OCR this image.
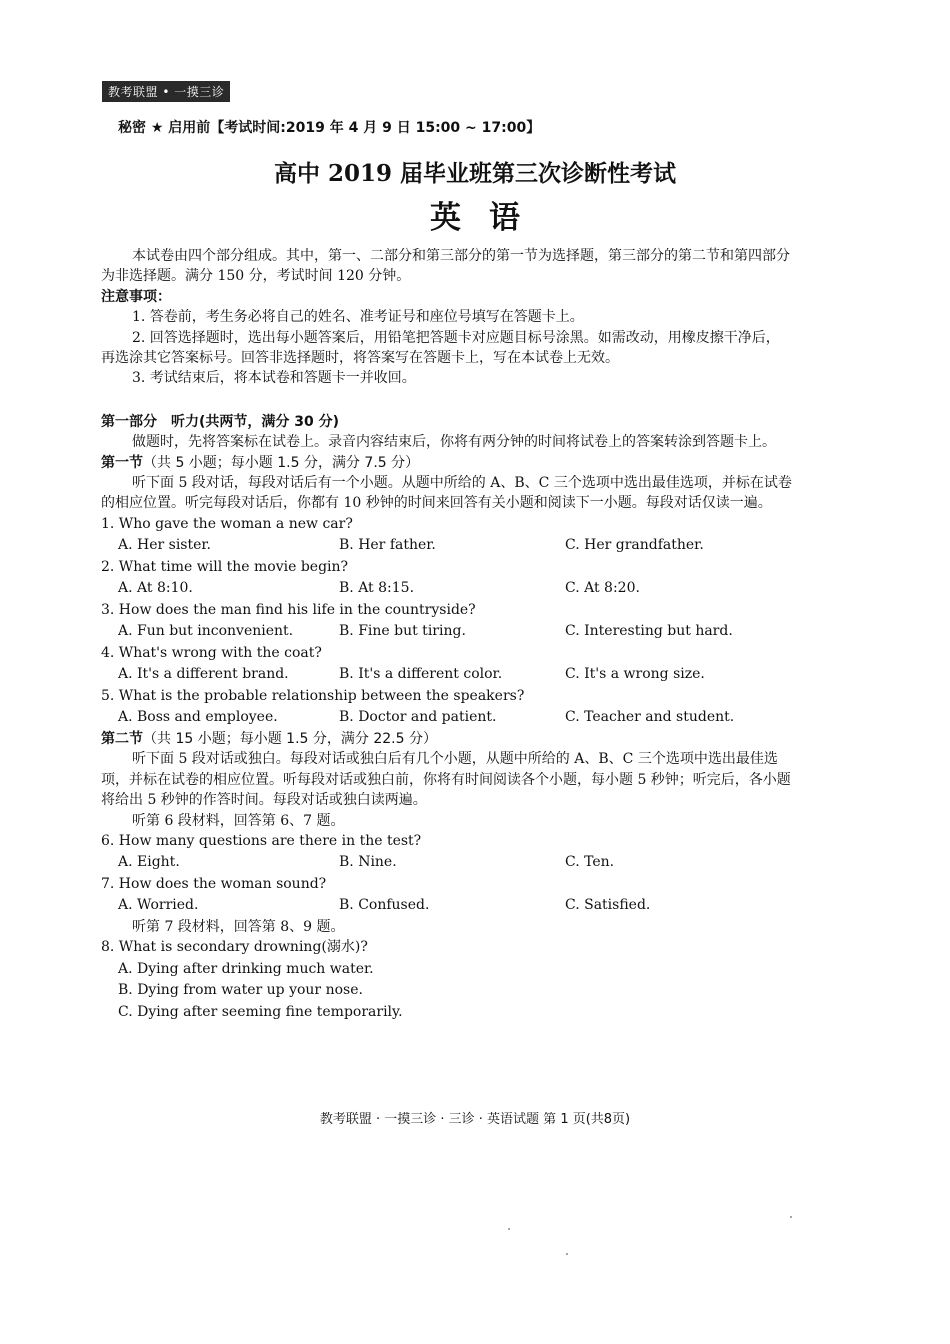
教考联盟 • 一摸三诊
秘密 ★ 启用前【考试时间:2019 年 4 月 9 日 15:00 ~ 17:00】
高中 2019 届毕业班第三次诊断性考试
英语

本试卷由四个部分组成。其中，第一、二部分和第三部分的第一节为选择题，第三部分的第二节和第四部分为非选择题。满分 150 分，考试时间 120 分钟。

注意事项：

1. 答卷前，考生务必将自己的姓名、准考证号和座位号填写在答题卡上。

2. 回答选择题时，选出每小题答案后，用铅笔把答题卡对应题目标号涂黑。如需改动，用橡皮擦干净后，再选涂其它答案标号。回答非选择题时，将答案写在答题卡上，写在本试卷上无效。

3. 考试结束后，将本试卷和答题卡一并收回。

第一部分　听力(共两节，满分 30 分)

做题时，先将答案标在试卷上。录音内容结束后，你将有两分钟的时间将试卷上的答案转涂到答题卡上。

第一节（共 5 小题；每小题 1.5 分，满分 7.5 分）

听下面 5 段对话，每段对话后有一个小题。从题中所给的 A、B、C 三个选项中选出最佳选项，并标在试卷的相应位置。听完每段对话后，你都有 10 秒钟的时间来回答有关小题和阅读下一小题。每段对话仅读一遍。

1. Who gave the woman a new car?

A. Her sister.	B. Her father.	C. Her grandfather.

2. What time will the movie begin?

A. At 8:10.	B. At 8:15.	C. At 8:20.

3. How does the man find his life in the countryside?

A. Fun but inconvenient.	B. Fine but tiring.	C. Interesting but hard.

4. What's wrong with the coat?

A. It's a different brand.	B. It's a different color.	C. It's a wrong size.

5. What is the probable relationship between the speakers?

A. Boss and employee.	B. Doctor and patient.	C. Teacher and student.

第二节（共 15 小题；每小题 1.5 分，满分 22.5 分）

听下面 5 段对话或独白。每段对话或独白后有几个小题，从题中所给的 A、B、C 三个选项中选出最佳选项，并标在试卷的相应位置。听每段对话或独白前，你将有时间阅读各个小题，每小题 5 秒钟；听完后，各小题将给出 5 秒钟的作答时间。每段对话或独白读两遍。

听第 6 段材料，回答第 6、7 题。

6. How many questions are there in the test?

A. Eight.	B. Nine.	C. Ten.

7. How does the woman sound?

A. Worried.	B. Confused.	C. Satisfied.

听第 7 段材料，回答第 8、9 题。

8. What is secondary drowning(溺水)?

A. Dying after drinking much water.

B. Dying from water up your nose.

C. Dying after seeming fine temporarily.

教考联盟 · 一摸三诊 · 三诊 · 英语试题 第 1 页(共8页)
